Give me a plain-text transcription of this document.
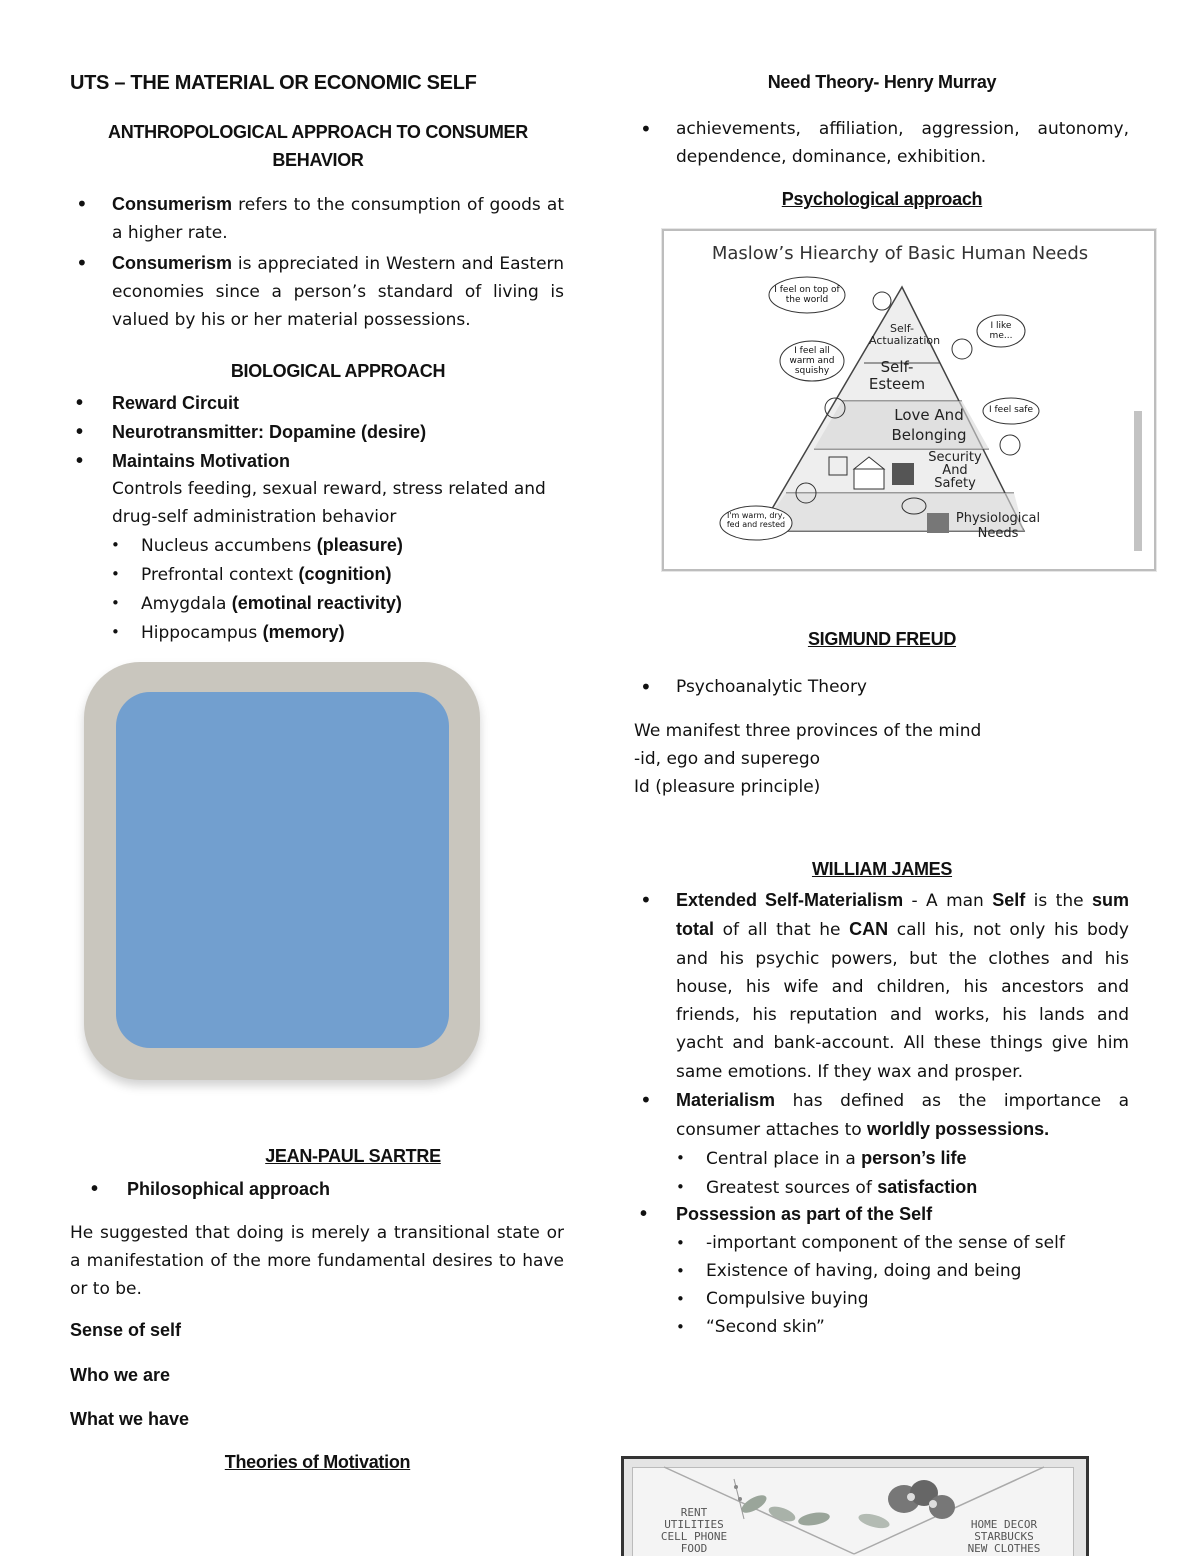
UTS – THE MATERIAL OR ECONOMIC SELF
ANTHROPOLOGICAL APPROACH TO CONSUMER BEHAVIOR
• Consumerism refers to the consumption of goods at a higher rate.
• Consumerism is appreciated in Western and Eastern economies since a person’s standard of living is valued by his or her material possessions.
BIOLOGICAL APPROACH
• Reward Circuit
• Neurotransmitter: Dopamine (desire)
• Maintains Motivation
Controls feeding, sexual reward, stress related and drug-self administration behavior
• Nucleus accumbens (pleasure)
• Prefrontal context (cognition)
• Amygdala (emotinal reactivity)
• Hippocampus (memory)
JEAN-PAUL SARTRE
• Philosophical approach
He suggested that doing is merely a transitional state or a manifestation of the more fundamental desires to have or to be.
Sense of self
Who we are
What we have
Theories of Motivation
Need Theory- Henry Murray
• achievements, affiliation, aggression, autonomy, dependence, dominance, exhibition.
Psychological approach
Maslow’s Hiearchy of Basic Human Needs
Self-Actualization
Self-Esteem
Love And Belonging
Security And Safety
Physiological Needs
I feel on top of the world
I like me...
I feel all warm and squishy
I feel safe
I'm warm, dry, fed and rested
SIGMUND FREUD
• Psychoanalytic Theory
We manifest three provinces of the mind
-id, ego and superego
Id (pleasure principle)
WILLIAM JAMES
• Extended Self-Materialism - A man Self is the sum total of all that he CAN call his, not only his body and his psychic powers, but the clothes and his house, his wife and children, his ancestors and friends, his reputation and works, his lands and yacht and bank-account. All these things give him same emotions. If they wax and prosper.
• Materialism has defined as the importance a consumer attaches to worldly possessions.
• Central place in a person’s life
• Greatest sources of satisfaction
• Possession as part of the Self
• -important component of the sense of self
• Existence of having, doing and being
• Compulsive buying
• “Second skin”
RENT
UTILITIES
CELL PHONE
FOOD
HOME DECOR
STARBUCKS
NEW CLOTHES
